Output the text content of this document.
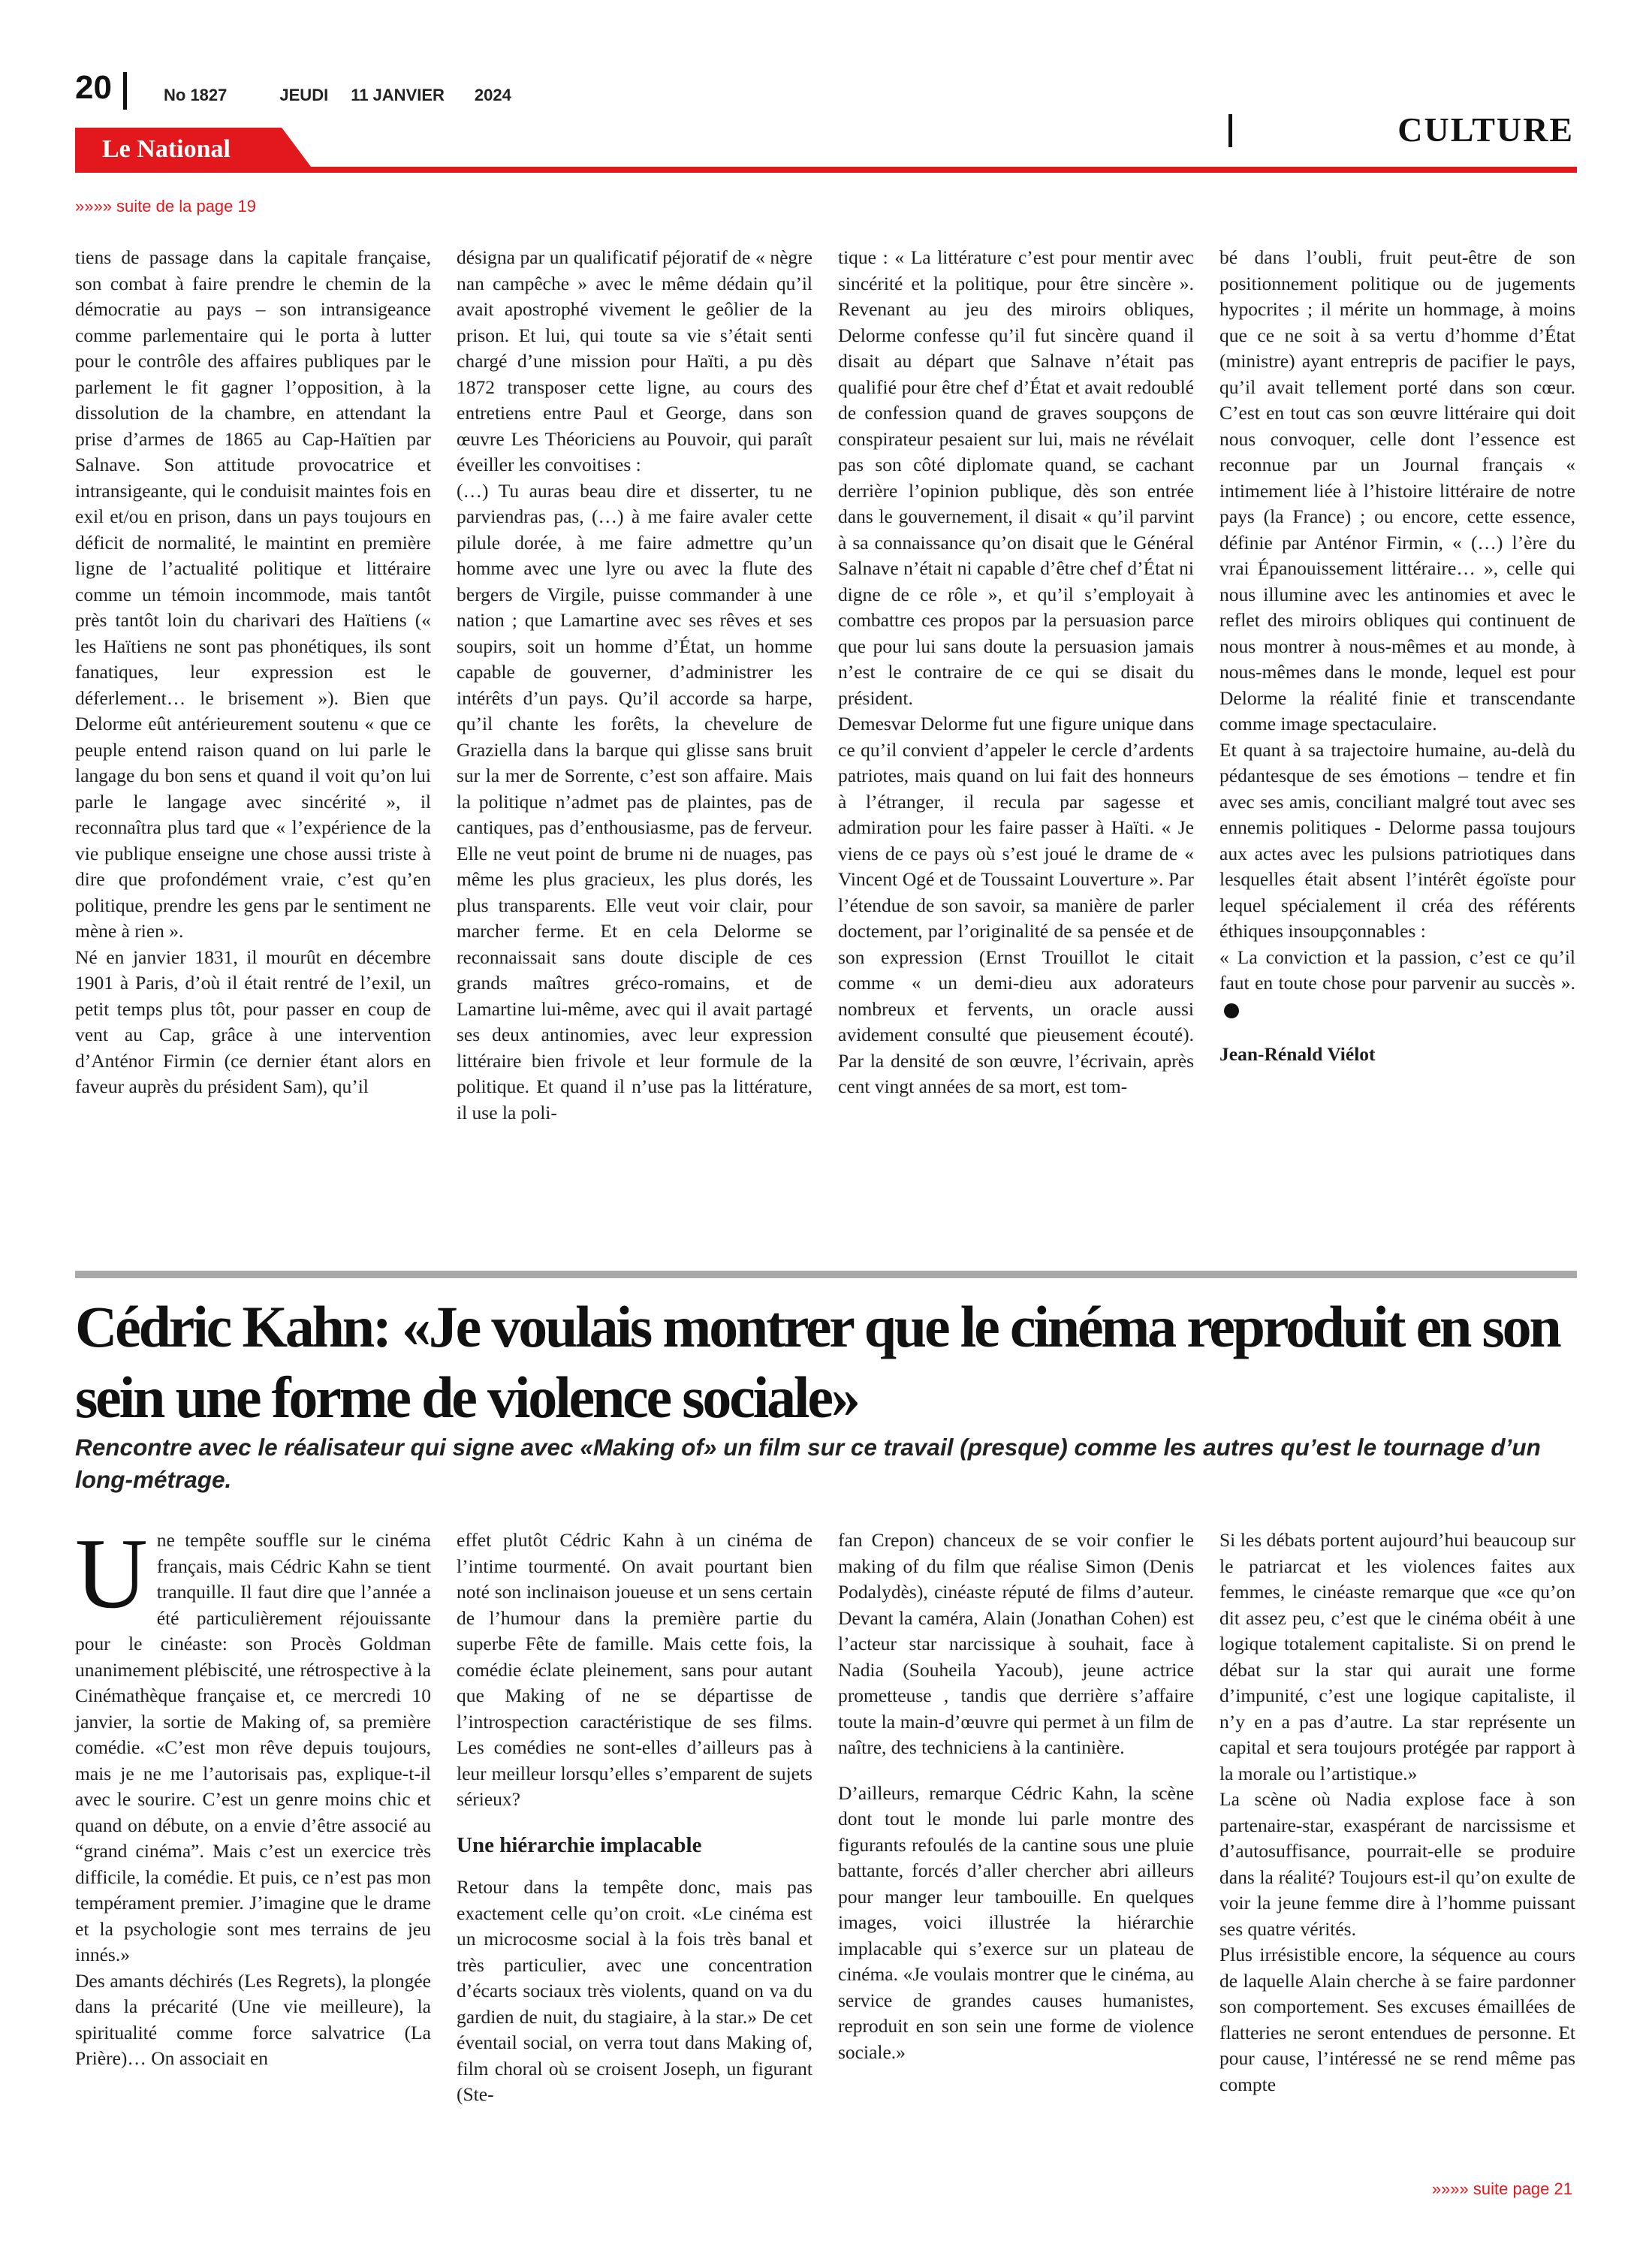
20	No 1827	JEUDI 11 JANVIER 2024
CULTURE
Le National
»»»» suite de la page 19

tiens de passage dans la capitale française, son combat à faire prendre le chemin de la démocratie au pays – son intransigeance comme parlementaire qui le porta à lutter pour le contrôle des affaires publiques par le parlement le fit gagner l’opposition, à la dissolution de la chambre, en attendant la prise d’armes de 1865 au Cap-Haïtien par Salnave. Son attitude provocatrice et intransigeante, qui le conduisit maintes fois en exil et/ou en prison, dans un pays toujours en déficit de normalité, le maintint en première ligne de l’actualité politique et littéraire comme un témoin incommode, mais tantôt près tantôt loin du charivari des Haïtiens (« les Haïtiens ne sont pas phonétiques, ils sont fanatiques, leur expression est le déferlement… le brisement »). Bien que Delorme eût antérieurement soutenu « que ce peuple entend raison quand on lui parle le langage du bon sens et quand il voit qu’on lui parle le langage avec sincérité », il reconnaîtra plus tard que « l’expérience de la vie publique enseigne une chose aussi triste à dire que profondément vraie, c’est qu’en politique, prendre les gens par le sentiment ne mène à rien ».

Né en janvier 1831, il mourût en décembre 1901 à Paris, d’où il était rentré de l’exil, un petit temps plus tôt, pour passer en coup de vent au Cap, grâce à une intervention d’Anténor Firmin (ce dernier étant alors en faveur auprès du président Sam), qu’il

désigna par un qualificatif péjoratif de « nègre nan campêche » avec le même dédain qu’il avait apostrophé vivement le geôlier de la prison. Et lui, qui toute sa vie s’était senti chargé d’une mission pour Haïti, a pu dès 1872 transposer cette ligne, au cours des entretiens entre Paul et George, dans son œuvre Les Théoriciens au Pouvoir, qui paraît éveiller les convoitises :

(…) Tu auras beau dire et disserter, tu ne parviendras pas, (…) à me faire avaler cette pilule dorée, à me faire admettre qu’un homme avec une lyre ou avec la flute des bergers de Virgile, puisse commander à une nation ; que Lamartine avec ses rêves et ses soupirs, soit un homme d’État, un homme capable de gouverner, d’administrer les intérêts d’un pays. Qu’il accorde sa harpe, qu’il chante les forêts, la chevelure de Graziella dans la barque qui glisse sans bruit sur la mer de Sorrente, c’est son affaire. Mais la politique n’admet pas de plaintes, pas de cantiques, pas d’enthousiasme, pas de ferveur. Elle ne veut point de brume ni de nuages, pas même les plus gracieux, les plus dorés, les plus transparents. Elle veut voir clair, pour marcher ferme. Et en cela Delorme se reconnaissait sans doute disciple de ces grands maîtres gréco-romains, et de Lamartine lui-même, avec qui il avait partagé ses deux antinomies, avec leur expression littéraire bien frivole et leur formule de la politique. Et quand il n’use pas la littérature, il use la poli-

tique : « La littérature c’est pour mentir avec sincérité et la politique, pour être sincère ». Revenant au jeu des miroirs obliques, Delorme confesse qu’il fut sincère quand il disait au départ que Salnave n’était pas qualifié pour être chef d’État et avait redoublé de confession quand de graves soupçons de conspirateur pesaient sur lui, mais ne révélait pas son côté diplomate quand, se cachant derrière l’opinion publique, dès son entrée dans le gouvernement, il disait « qu’il parvint à sa connaissance qu’on disait que le Général Salnave n’était ni capable d’être chef d’État ni digne de ce rôle », et qu’il s’employait à combattre ces propos par la persuasion parce que pour lui sans doute la persuasion jamais n’est le contraire de ce qui se disait du président.

Demesvar Delorme fut une figure unique dans ce qu’il convient d’appeler le cercle d’ardents patriotes, mais quand on lui fait des honneurs à l’étranger, il recula par sagesse et admiration pour les faire passer à Haïti. « Je viens de ce pays où s’est joué le drame de « Vincent Ogé et de Toussaint Louverture ». Par l’étendue de son savoir, sa manière de parler doctement, par l’originalité de sa pensée et de son expression (Ernst Trouillot le citait comme « un demi-dieu aux adorateurs nombreux et fervents, un oracle aussi avidement consulté que pieusement écouté). Par la densité de son œuvre, l’écrivain, après cent vingt années de sa mort, est tom-

bé dans l’oubli, fruit peut-être de son positionnement politique ou de jugements hypocrites ; il mérite un hommage, à moins que ce ne soit à sa vertu d’homme d’État (ministre) ayant entrepris de pacifier le pays, qu’il avait tellement porté dans son cœur. C’est en tout cas son œuvre littéraire qui doit nous convoquer, celle dont l’essence est reconnue par un Journal français « intimement liée à l’histoire littéraire de notre pays (la France) ; ou encore, cette essence, définie par Anténor Firmin, « (…) l’ère du vrai Épanouissement littéraire… », celle qui nous illumine avec les antinomies et avec le reflet des miroirs obliques qui continuent de nous montrer à nous-mêmes et au monde, à nous-mêmes dans le monde, lequel est pour Delorme la réalité finie et transcendante comme image spectaculaire.

Et quant à sa trajectoire humaine, au-delà du pédantesque de ses émotions – tendre et fin avec ses amis, conciliant malgré tout avec ses ennemis politiques - Delorme passa toujours aux actes avec les pulsions patriotiques dans lesquelles était absent l’intérêt égoïste pour lequel spécialement il créa des référents éthiques insoupçonnables :

« La conviction et la passion, c’est ce qu’il faut en toute chose pour parvenir au succès ».

Jean-Rénald Viélot

Cédric Kahn: «Je voulais montrer que le cinéma reproduit en son sein une forme de violence sociale»

Rencontre avec le réalisateur qui signe avec «Making of» un film sur ce travail (presque) comme les autres qu’est le tournage d’un long-métrage.

Une tempête souffle sur le cinéma français, mais Cédric Kahn se tient tranquille. Il faut dire que l’année a été particulièrement réjouissante pour le cinéaste: son Procès Goldman unanimement plébiscité, une rétrospective à la Cinémathèque française et, ce mercredi 10 janvier, la sortie de Making of, sa première comédie. «C’est mon rêve depuis toujours, mais je ne me l’autorisais pas, explique-t-il avec le sourire. C’est un genre moins chic et quand on débute, on a envie d’être associé au “grand cinéma”. Mais c’est un exercice très difficile, la comédie. Et puis, ce n’est pas mon tempérament premier. J’imagine que le drame et la psychologie sont mes terrains de jeu innés.»

Des amants déchirés (Les Regrets), la plongée dans la précarité (Une vie meilleure), la spiritualité comme force salvatrice (La Prière)… On associait en

effet plutôt Cédric Kahn à un cinéma de l’intime tourmenté. On avait pourtant bien noté son inclinaison joueuse et un sens certain de l’humour dans la première partie du superbe Fête de famille. Mais cette fois, la comédie éclate pleinement, sans pour autant que Making of ne se départisse de l’introspection caractéristique de ses films. Les comédies ne sont-elles d’ailleurs pas à leur meilleur lorsqu’elles s’emparent de sujets sérieux?

Une hiérarchie implacable

Retour dans la tempête donc, mais pas exactement celle qu’on croit. «Le cinéma est un microcosme social à la fois très banal et très particulier, avec une concentration d’écarts sociaux très violents, quand on va du gardien de nuit, du stagiaire, à la star.» De cet éventail social, on verra tout dans Making of, film choral où se croisent Joseph, un figurant (Ste-

fan Crepon) chanceux de se voir confier le making of du film que réalise Simon (Denis Podalydès), cinéaste réputé de films d’auteur. Devant la caméra, Alain (Jonathan Cohen) est l’acteur star narcissique à souhait, face à Nadia (Souheila Yacoub), jeune actrice prometteuse , tandis que derrière s’affaire toute la main-d’œuvre qui permet à un film de naître, des techniciens à la cantinière.

D’ailleurs, remarque Cédric Kahn, la scène dont tout le monde lui parle montre des figurants refoulés de la cantine sous une pluie battante, forcés d’aller chercher abri ailleurs pour manger leur tambouille. En quelques images, voici illustrée la hiérarchie implacable qui s’exerce sur un plateau de cinéma. «Je voulais montrer que le cinéma, au service de grandes causes humanistes, reproduit en son sein une forme de violence sociale.»

Si les débats portent aujourd’hui beaucoup sur le patriarcat et les violences faites aux femmes, le cinéaste remarque que «ce qu’on dit assez peu, c’est que le cinéma obéit à une logique totalement capitaliste. Si on prend le débat sur la star qui aurait une forme d’impunité, c’est une logique capitaliste, il n’y en a pas d’autre. La star représente un capital et sera toujours protégée par rapport à la morale ou l’artistique.»

La scène où Nadia explose face à son partenaire-star, exaspérant de narcissisme et d’autosuffisance, pourrait-elle se produire dans la réalité? Toujours est-il qu’on exulte de voir la jeune femme dire à l’homme puissant ses quatre vérités.

Plus irrésistible encore, la séquence au cours de laquelle Alain cherche à se faire pardonner son comportement. Ses excuses émaillées de flatteries ne seront entendues de personne. Et pour cause, l’intéressé ne se rend même pas compte

»»»» suite page 21
